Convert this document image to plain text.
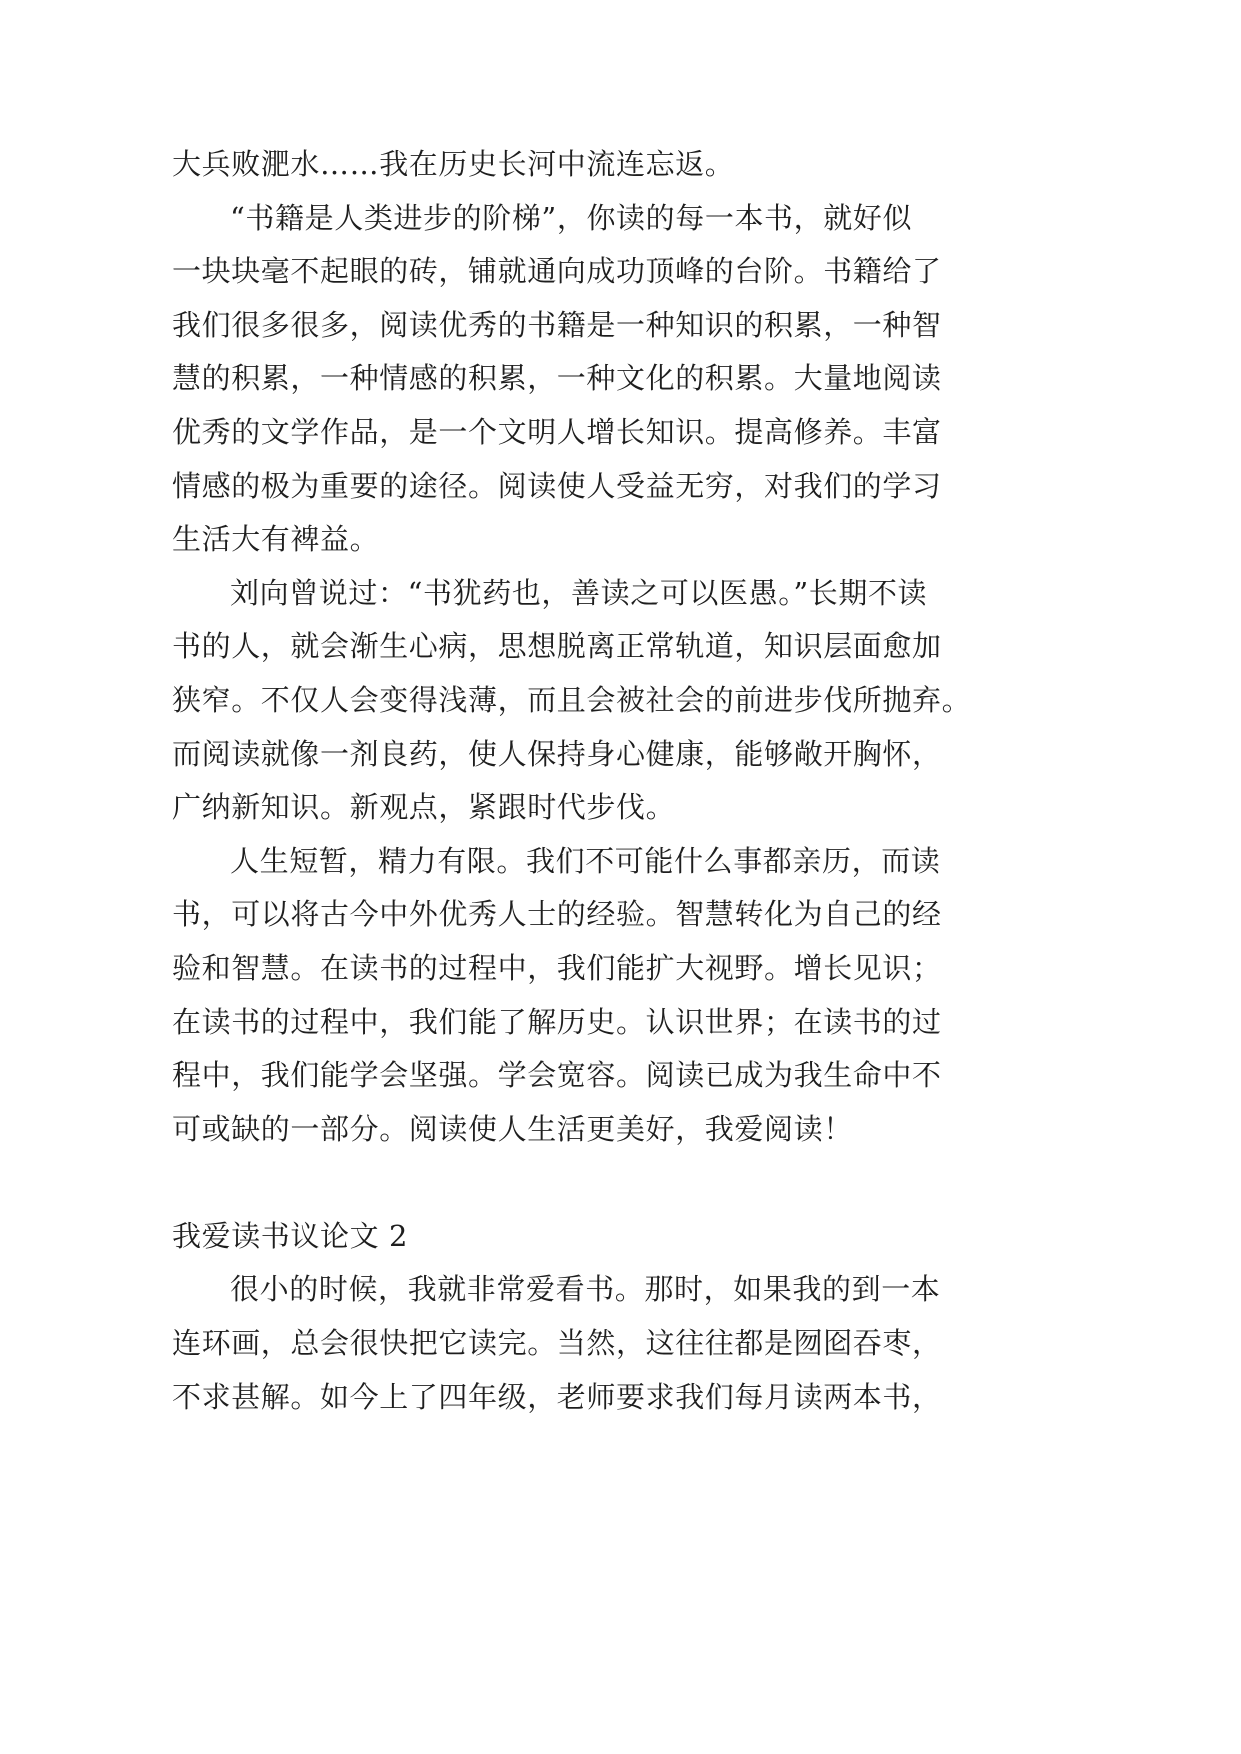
大兵败淝水……我在历史长河中流连忘返。
“书籍是人类进步的阶梯”，你读的每一本书，就好似
一块块毫不起眼的砖，铺就通向成功顶峰的台阶。书籍给了
我们很多很多，阅读优秀的书籍是一种知识的积累，一种智
慧的积累，一种情感的积累，一种文化的积累。大量地阅读
优秀的文学作品，是一个文明人增长知识。提高修养。丰富
情感的极为重要的途径。阅读使人受益无穷，对我们的学习
生活大有裨益。
刘向曾说过：“书犹药也，善读之可以医愚。”长期不读
书的人，就会渐生心病，思想脱离正常轨道，知识层面愈加
狭窄。不仅人会变得浅薄，而且会被社会的前进步伐所抛弃。
而阅读就像一剂良药，使人保持身心健康，能够敞开胸怀，
广纳新知识。新观点，紧跟时代步伐。
人生短暂，精力有限。我们不可能什么事都亲历，而读
书，可以将古今中外优秀人士的经验。智慧转化为自己的经
验和智慧。在读书的过程中，我们能扩大视野。增长见识；
在读书的过程中，我们能了解历史。认识世界；在读书的过
程中，我们能学会坚强。学会宽容。阅读已成为我生命中不
可或缺的一部分。阅读使人生活更美好，我爱阅读！
我爱读书议论文 2
很小的时候，我就非常爱看书。那时，如果我的到一本
连环画，总会很快把它读完。当然，这往往都是囫囵吞枣，
不求甚解。如今上了四年级，老师要求我们每月读两本书，
